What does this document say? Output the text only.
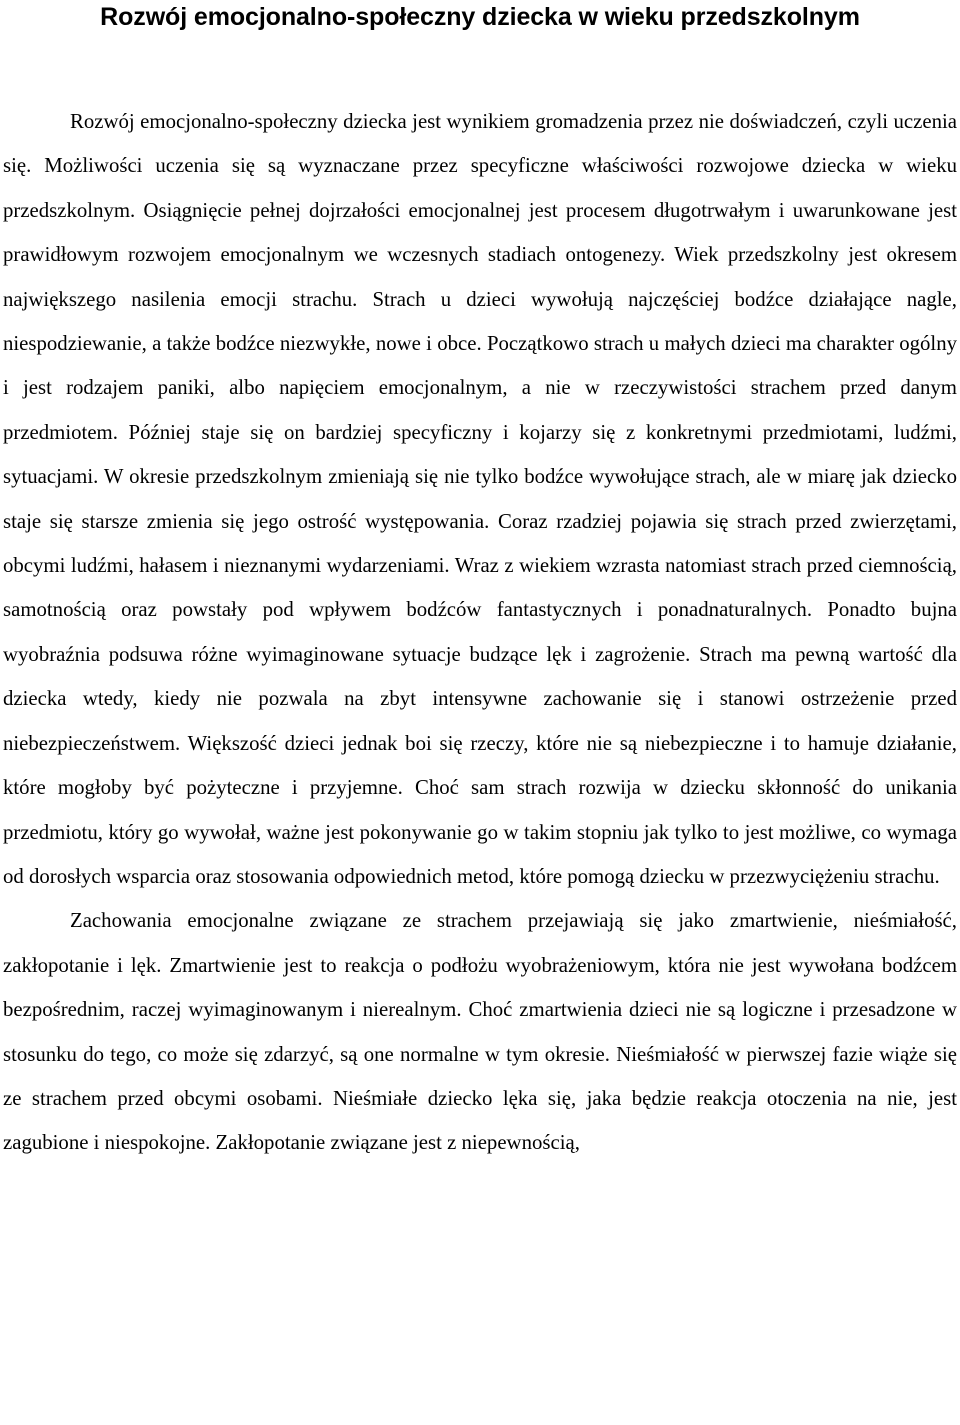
Rozwój emocjonalno-społeczny dziecka w wieku przedszkolnym

Rozwój emocjonalno-społeczny dziecka jest wynikiem gromadzenia przez nie doświadczeń, czyli uczenia się. Możliwości uczenia się są wyznaczane przez specyficzne właściwości rozwojowe dziecka w wieku przedszkolnym. Osiągnięcie pełnej dojrzałości emocjonalnej jest procesem długotrwałym i uwarunkowane jest prawidłowym rozwojem emocjonalnym we wczesnych stadiach ontogenezy. Wiek przedszkolny jest okresem największego nasilenia emocji strachu. Strach u dzieci wywołują najczęściej bodźce działające nagle, niespodziewanie, a także bodźce niezwykłe, nowe i obce. Początkowo strach u małych dzieci ma charakter ogólny i jest rodzajem paniki, albo napięciem emocjonalnym, a nie w rzeczywistości strachem przed danym przedmiotem. Później staje się on bardziej specyficzny i kojarzy się z konkretnymi przedmiotami, ludźmi, sytuacjami. W okresie przedszkolnym zmieniają się nie tylko bodźce wywołujące strach, ale w miarę jak dziecko staje się starsze zmienia się jego ostrość występowania. Coraz rzadziej pojawia się strach przed zwierzętami, obcymi ludźmi, hałasem i nieznanymi wydarzeniami. Wraz z wiekiem wzrasta natomiast strach przed ciemnością, samotnością oraz powstały pod wpływem bodźców fantastycznych i ponadnaturalnych. Ponadto bujna wyobraźnia podsuwa różne wyimaginowane sytuacje budzące lęk i zagrożenie. Strach ma pewną wartość dla dziecka wtedy, kiedy nie pozwala na zbyt intensywne zachowanie się i stanowi ostrzeżenie przed niebezpieczeństwem. Większość dzieci jednak boi się rzeczy, które nie są niebezpieczne i to hamuje działanie, które mogłoby być pożyteczne i przyjemne. Choć sam strach rozwija w dziecku skłonność do unikania przedmiotu, który go wywołał, ważne jest pokonywanie go w takim stopniu jak tylko to jest możliwe, co wymaga od dorosłych wsparcia oraz stosowania odpowiednich metod, które pomogą dziecku w przezwyciężeniu strachu.

Zachowania emocjonalne związane ze strachem przejawiają się jako zmartwienie, nieśmiałość, zakłopotanie i lęk. Zmartwienie jest to reakcja o podłożu wyobrażeniowym, która nie jest wywołana bodźcem bezpośrednim, raczej wyimaginowanym i nierealnym. Choć zmartwienia dzieci nie są logiczne i przesadzone w stosunku do tego, co może się zdarzyć, są one normalne w tym okresie. Nieśmiałość w pierwszej fazie wiąże się ze strachem przed obcymi osobami. Nieśmiałe dziecko lęka się, jaka będzie reakcja otoczenia na nie, jest zagubione i niespokojne. Zakłopotanie związane jest z niepewnością,
